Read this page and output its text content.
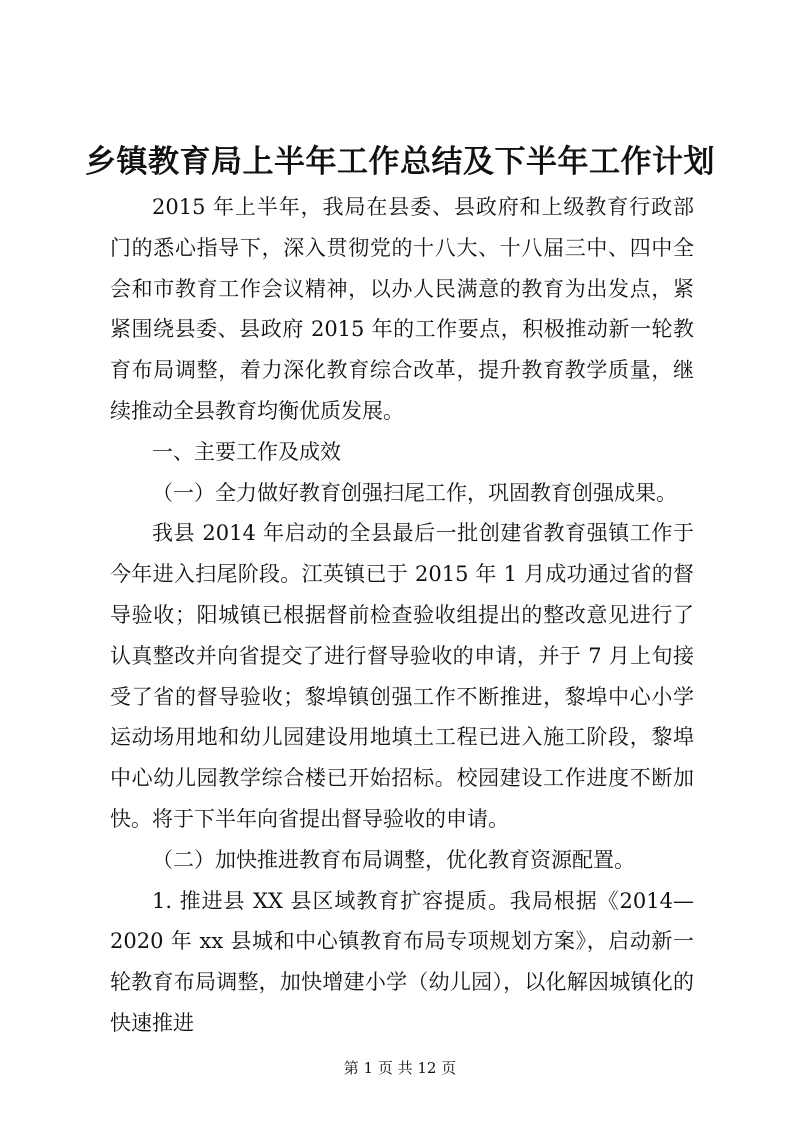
乡镇教育局上半年工作总结及下半年工作计划

2015 年上半年，我局在县委、县政府和上级教育行政部门的悉心指导下，深入贯彻党的十八大、十八届三中、四中全会和市教育工作会议精神，以办人民满意的教育为出发点，紧紧围绕县委、县政府 2015 年的工作要点，积极推动新一轮教育布局调整，着力深化教育综合改革，提升教育教学质量，继续推动全县教育均衡优质发展。

一、主要工作及成效

（一）全力做好教育创强扫尾工作，巩固教育创强成果。

我县 2014 年启动的全县最后一批创建省教育强镇工作于今年进入扫尾阶段。江英镇已于 2015 年 1 月成功通过省的督导验收；阳城镇已根据督前检查验收组提出的整改意见进行了认真整改并向省提交了进行督导验收的申请，并于 7 月上旬接受了省的督导验收；黎埠镇创强工作不断推进，黎埠中心小学运动场用地和幼儿园建设用地填土工程已进入施工阶段，黎埠中心幼儿园教学综合楼已开始招标。校园建设工作进度不断加快。将于下半年向省提出督导验收的申请。

（二）加快推进教育布局调整，优化教育资源配置。

1. 推进县 XX 县区域教育扩容提质。我局根据《2014—2020 年 xx 县城和中心镇教育布局专项规划方案》，启动新一轮教育布局调整，加快增建小学（幼儿园），以化解因城镇化的快速推进

第 1 页 共 12 页
